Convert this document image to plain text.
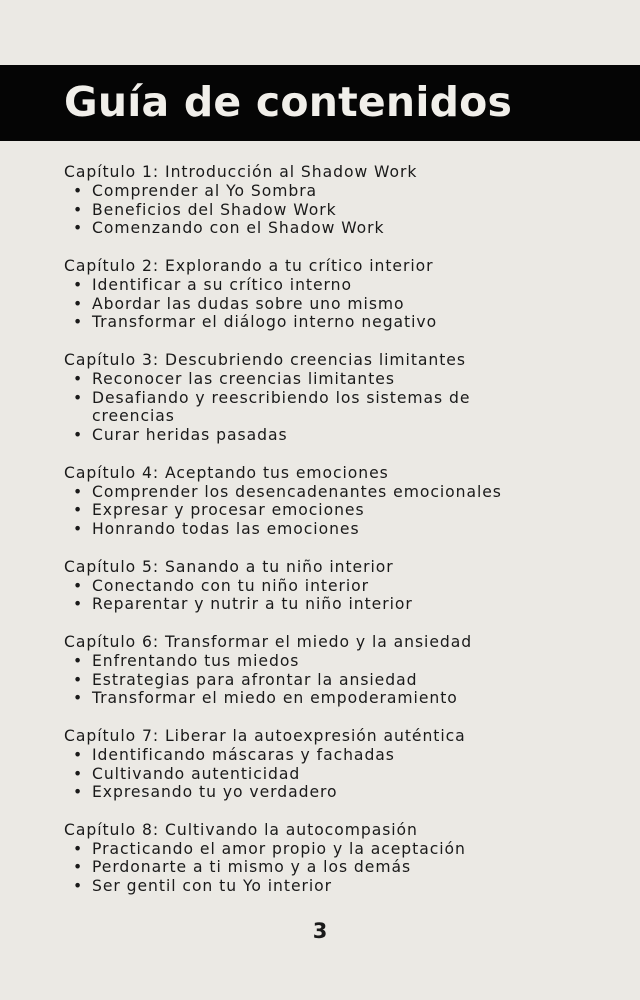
Guía de contenidos
Capítulo 1: Introducción al Shadow Work
• Comprender al Yo Sombra
• Beneficios del Shadow Work
• Comenzando con el Shadow Work
Capítulo 2: Explorando a tu crítico interior
• Identificar a su crítico interno
• Abordar las dudas sobre uno mismo
• Transformar el diálogo interno negativo
Capítulo 3: Descubriendo creencias limitantes
• Reconocer las creencias limitantes
• Desafiando y reescribiendo los sistemas de creencias
• Curar heridas pasadas
Capítulo 4: Aceptando tus emociones
• Comprender los desencadenantes emocionales
• Expresar y procesar emociones
• Honrando todas las emociones
Capítulo 5: Sanando a tu niño interior
• Conectando con tu niño interior
• Reparentar y nutrir a tu niño interior
Capítulo 6: Transformar el miedo y la ansiedad
• Enfrentando tus miedos
• Estrategias para afrontar la ansiedad
• Transformar el miedo en empoderamiento
Capítulo 7: Liberar la autoexpresión auténtica
• Identificando máscaras y fachadas
• Cultivando autenticidad
• Expresando tu yo verdadero
Capítulo 8: Cultivando la autocompasión
• Practicando el amor propio y la aceptación
• Perdonarte a ti mismo y a los demás
• Ser gentil con tu Yo interior
3
